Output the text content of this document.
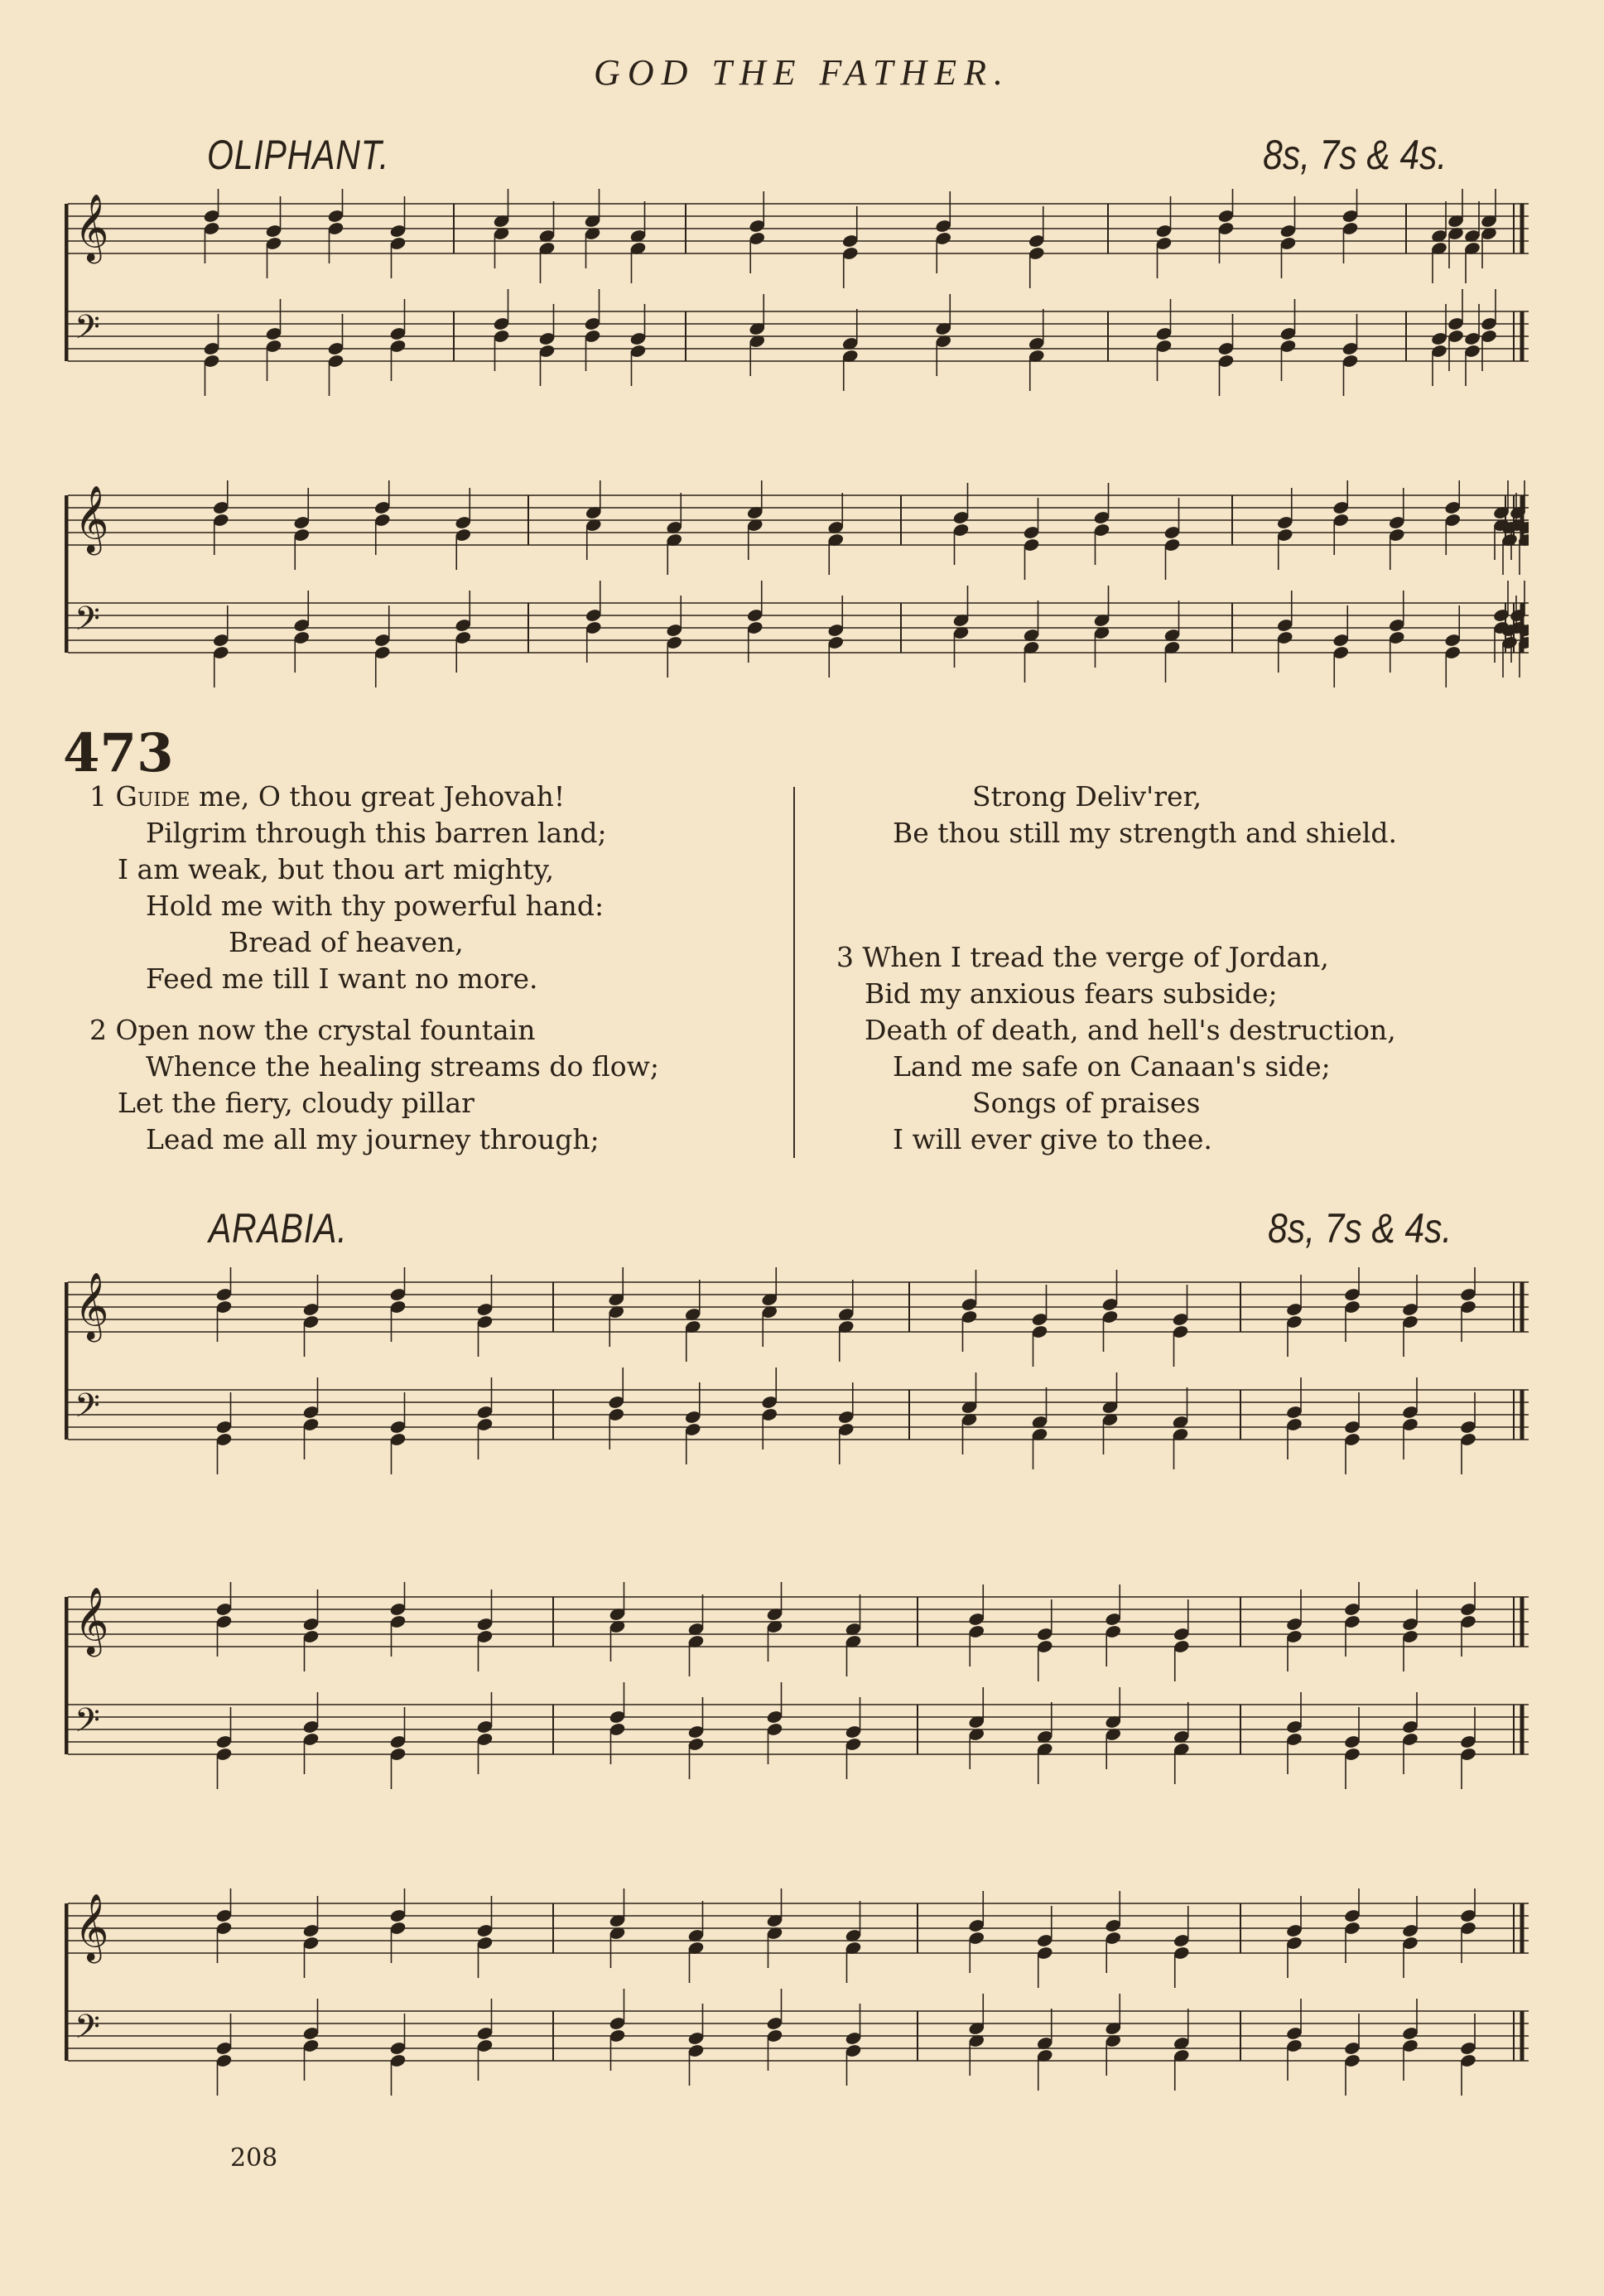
GOD THE FATHER.
OLIPHANT.	8s, 7s & 4s.
𝄞
𝄢
𝄞
𝄢
473
1 Guide me, O thou great Jehovah!
Pilgrim through this barren land;
I am weak, but thou art mighty,
Hold me with thy powerful hand:
Bread of heaven,
Feed me till I want no more.
2 Open now the crystal fountain
Whence the healing streams do flow;
Let the fiery, cloudy pillar
Lead me all my journey through;
Strong Deliv'rer,
Be thou still my strength and shield.
3 When I tread the verge of Jordan,
Bid my anxious fears subside;
Death of death, and hell's destruction,
Land me safe on Canaan's side;
Songs of praises
I will ever give to thee.
ARABIA.	8s, 7s & 4s.
𝄞
𝄢
𝄞
𝄢
𝄞
𝄢
208
